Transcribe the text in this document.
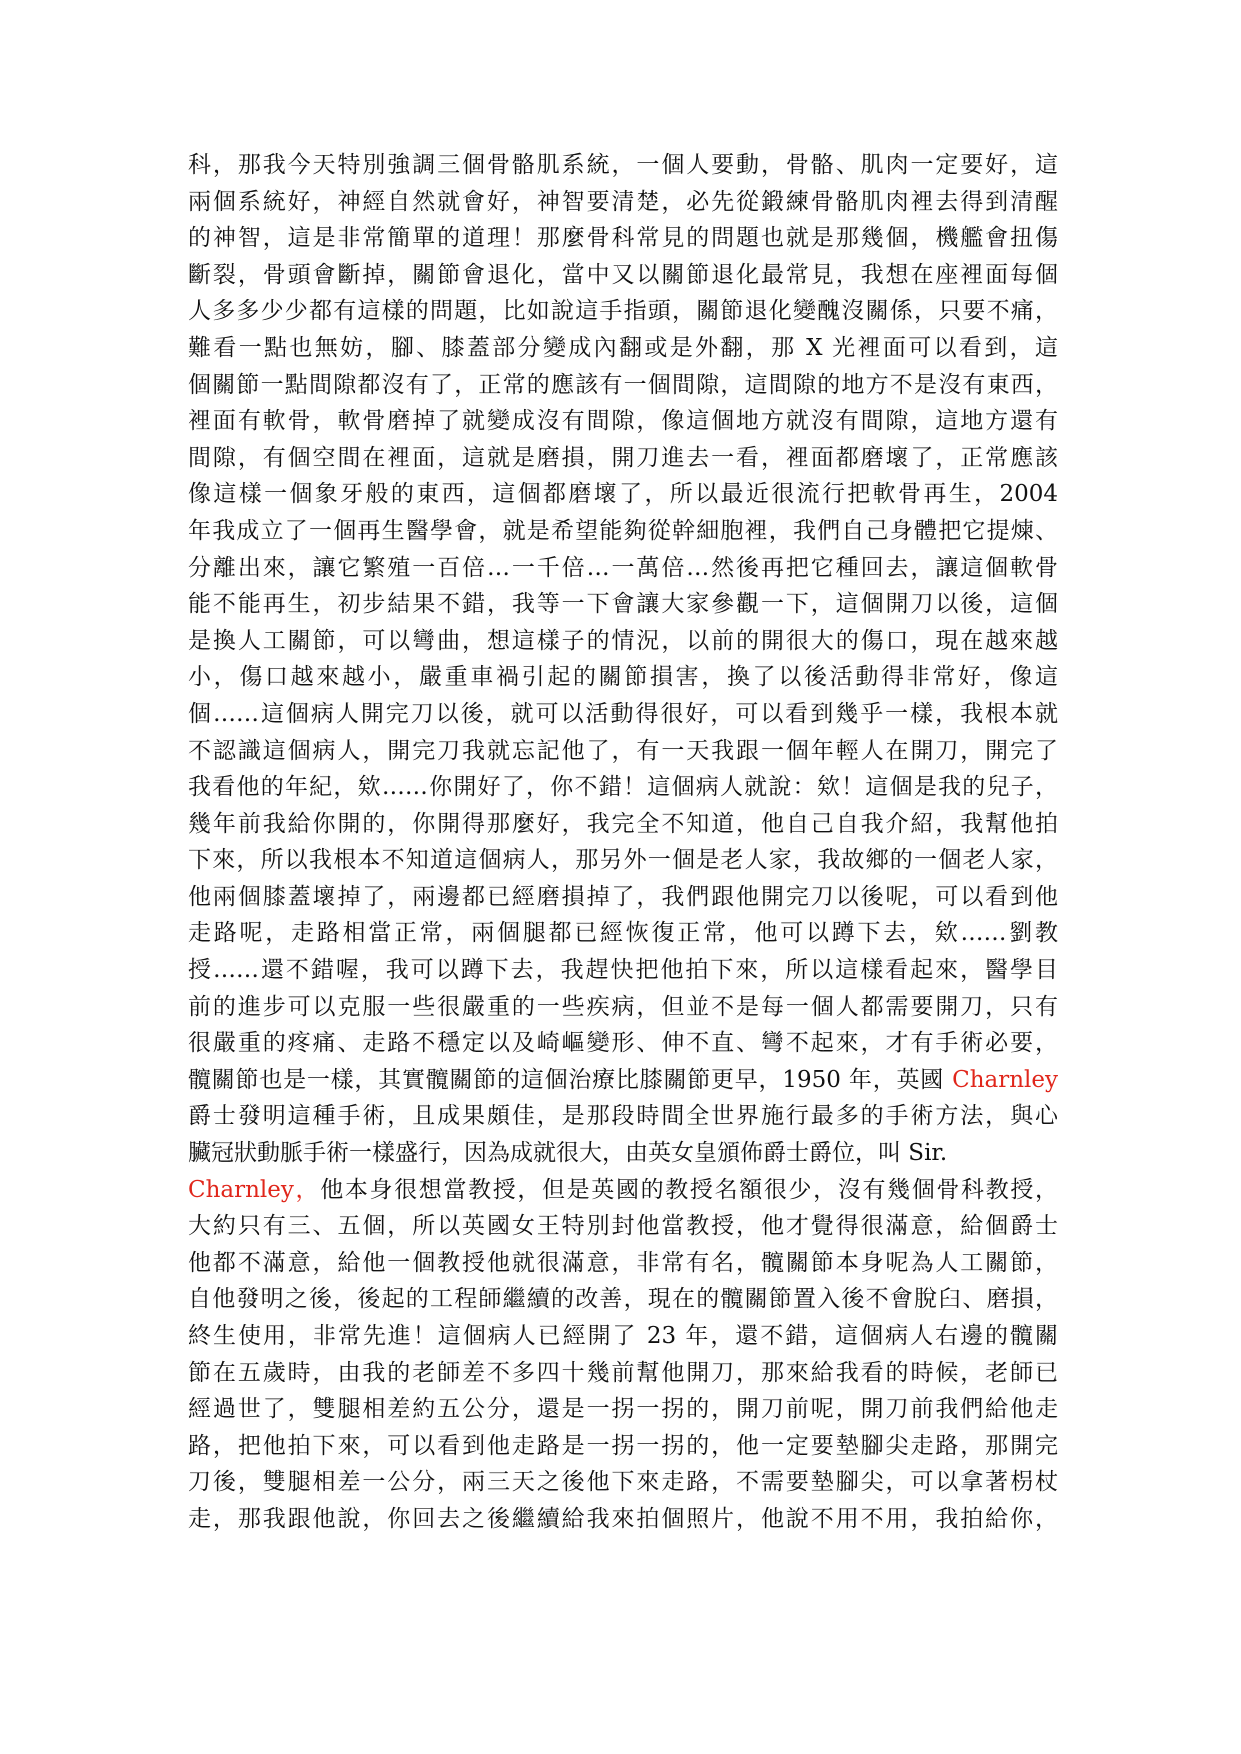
科，那我今天特別強調三個骨骼肌系統，一個人要動，骨骼、肌肉一定要好，這
兩個系統好，神經自然就會好，神智要清楚，必先從鍛練骨骼肌肉裡去得到清醒
的神智，這是非常簡單的道理！那麼骨科常見的問題也就是那幾個，機艦會扭傷
斷裂，骨頭會斷掉，關節會退化，當中又以關節退化最常見，我想在座裡面每個
人多多少少都有這樣的問題，比如說這手指頭，關節退化變醜沒關係，只要不痛，
難看一點也無妨，腳、膝蓋部分變成內翻或是外翻，那 X 光裡面可以看到，這
個關節一點間隙都沒有了，正常的應該有一個間隙，這間隙的地方不是沒有東西，
裡面有軟骨，軟骨磨掉了就變成沒有間隙，像這個地方就沒有間隙，這地方還有
間隙，有個空間在裡面，這就是磨損，開刀進去一看，裡面都磨壞了，正常應該
像這樣一個象牙般的東西，這個都磨壞了，所以最近很流行把軟骨再生，2004
年我成立了一個再生醫學會，就是希望能夠從幹細胞裡，我們自己身體把它提煉、
分離出來，讓它繁殖一百倍…一千倍…一萬倍…然後再把它種回去，讓這個軟骨
能不能再生，初步結果不錯，我等一下會讓大家參觀一下，這個開刀以後，這個
是換人工關節，可以彎曲，想這樣子的情況，以前的開很大的傷口，現在越來越
小，傷口越來越小，嚴重車禍引起的關節損害，換了以後活動得非常好，像這
個……這個病人開完刀以後，就可以活動得很好，可以看到幾乎一樣，我根本就
不認識這個病人，開完刀我就忘記他了，有一天我跟一個年輕人在開刀，開完了
我看他的年紀，欸……你開好了，你不錯！這個病人就說：欸！這個是我的兒子，
幾年前我給你開的，你開得那麼好，我完全不知道，他自己自我介紹，我幫他拍
下來，所以我根本不知道這個病人，那另外一個是老人家，我故鄉的一個老人家，
他兩個膝蓋壞掉了，兩邊都已經磨損掉了，我們跟他開完刀以後呢，可以看到他
走路呢，走路相當正常，兩個腿都已經恢復正常，他可以蹲下去，欸……劉教
授……還不錯喔，我可以蹲下去，我趕快把他拍下來，所以這樣看起來，醫學目
前的進步可以克服一些很嚴重的一些疾病，但並不是每一個人都需要開刀，只有
很嚴重的疼痛、走路不穩定以及崎嶇變形、伸不直、彎不起來，才有手術必要，
髖關節也是一樣，其實髖關節的這個治療比膝關節更早，1950 年，英國 Charnley
爵士發明這種手術，且成果頗佳，是那段時間全世界施行最多的手術方法，與心
臟冠狀動脈手術一樣盛行，因為成就很大，由英女皇頒佈爵士爵位，叫 Sir.
Charnley，他本身很想當教授，但是英國的教授名額很少，沒有幾個骨科教授，
大約只有三、五個，所以英國女王特別封他當教授，他才覺得很滿意，給個爵士
他都不滿意，給他一個教授他就很滿意，非常有名，髖關節本身呢為人工關節，
自他發明之後，後起的工程師繼續的改善，現在的髖關節置入後不會脫臼、磨損，
終生使用，非常先進！這個病人已經開了 23 年，還不錯，這個病人右邊的髖關
節在五歲時，由我的老師差不多四十幾前幫他開刀，那來給我看的時候，老師已
經過世了，雙腿相差約五公分，還是一拐一拐的，開刀前呢，開刀前我們給他走
路，把他拍下來，可以看到他走路是一拐一拐的，他一定要墊腳尖走路，那開完
刀後，雙腿相差一公分，兩三天之後他下來走路，不需要墊腳尖，可以拿著枴杖
走，那我跟他說，你回去之後繼續給我來拍個照片，他說不用不用，我拍給你，
